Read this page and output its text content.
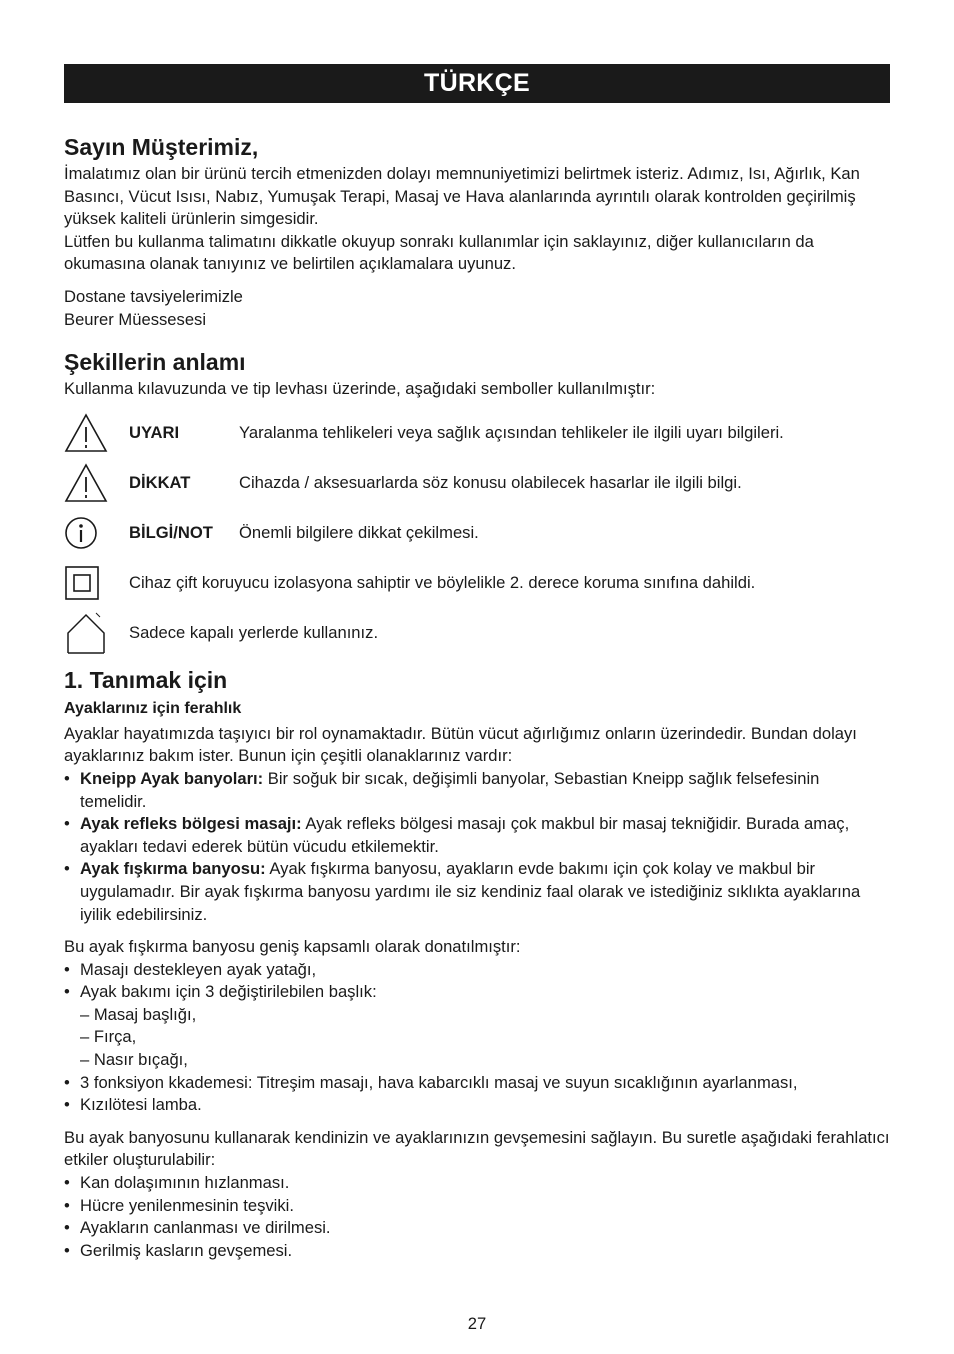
TÜRKÇE
Sayın Müşterimiz,

İmalatımız olan bir ürünü tercih etmenizden dolayı memnuniyetimizi belirtmek isteriz. Adımız, Isı, Ağırlık, Kan Basıncı, Vücut Isısı, Nabız, Yumuşak Terapi, Masaj ve Hava alanlarında ayrıntılı olarak kontrolden geçirilmiş yüksek kaliteli ürünlerin simgesidir.

Lütfen bu kullanma talimatını dikkatle okuyup sonrakı kullanımlar için saklayınız, diğer kullanıcıların da okumasına olanak tanıyınız ve belirtilen açıklamalara uyunuz.

Dostane tavsiyelerimizle

Beurer Müessesesi

Şekillerin anlamı

Kullanma kılavuzunda ve tip levhası üzerinde, aşağıdaki semboller kullanılmıştır:

UYARI	Yaralanma tehlikeleri veya sağlık açısından tehlikeler ile ilgili uyarı bilgileri.
DİKKAT	Cihazda / aksesuarlarda söz konusu olabilecek hasarlar ile ilgili bilgi.
BİLGİ/NOT	Önemli bilgilere dikkat çekilmesi.
Cihaz çift koruyucu izolasyona sahiptir ve böylelikle 2. derece koruma sınıfına dahildi.
Sadece kapalı yerlerde kullanınız.
1. Tanımak için
Ayaklarınız için ferahlık

Ayaklar hayatımızda taşıyıcı bir rol oynamaktadır. Bütün vücut ağırlığımız onların üzerindedir. Bundan dolayı ayaklarınız bakım ister. Bunun için çeşitli olanaklarınız vardır:

• Kneipp Ayak banyoları: Bir soğuk bir sıcak, değişimli banyolar, Sebastian Kneipp sağlık felsefesinin temelidir.
• Ayak refleks bölgesi masajı: Ayak refleks bölgesi masajı çok makbul bir masaj tekniğidir. Burada amaç, ayakları tedavi ederek bütün vücudu etkilemektir.
• Ayak fışkırma banyosu: Ayak fışkırma banyosu, ayakların evde bakımı için çok kolay ve makbul bir uygulamadır. Bir ayak fışkırma banyosu yardımı ile siz kendiniz faal olarak ve istediğiniz sıklıkta ayaklarına iyilik edebilirsiniz.

Bu ayak fışkırma banyosu geniş kapsamlı olarak donatılmıştır:

• Masajı destekleyen ayak yatağı,
• Ayak bakımı için 3 değiştirilebilen başlık:
– Masaj başlığı,
– Fırça,
– Nasır bıçağı,
• 3 fonksiyon kkademesi: Titreşim masajı, hava kabarcıklı masaj ve suyun sıcaklığının ayarlanması,
• Kızılötesi lamba.

Bu ayak banyosunu kullanarak kendinizin ve ayaklarınızın gevşemesini sağlayın. Bu suretle aşağıdaki ferahlatıcı etkiler oluşturulabilir:

• Kan dolaşımının hızlanması.
• Hücre yenilenmesinin teşviki.
• Ayakların canlanması ve dirilmesi.
• Gerilmiş kasların gevşemesi.
27
